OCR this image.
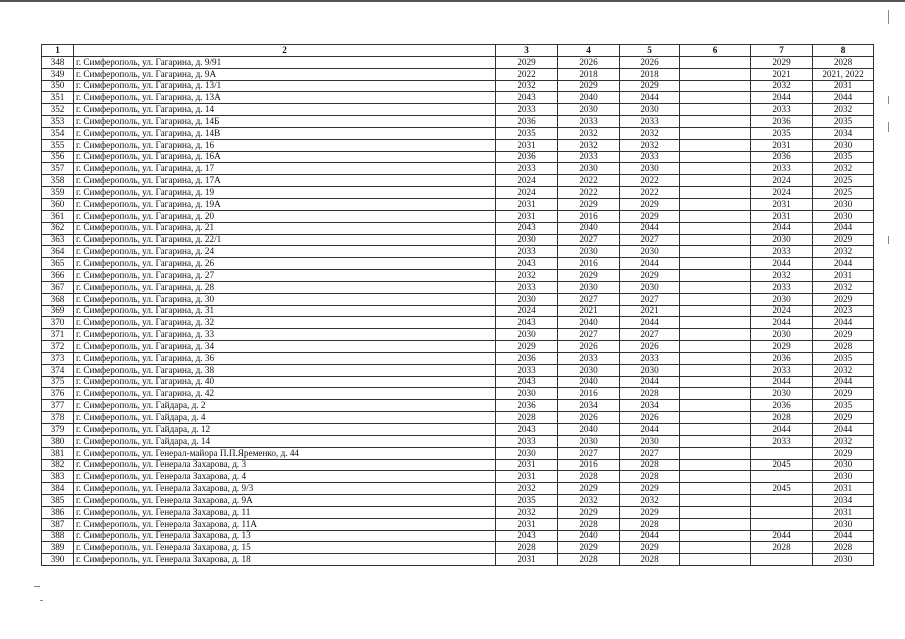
1	2	3	4	5	6	7	8
348	г. Симферополь, ул. Гагарина, д. 9/91	2029	2026	2026		2029	2028
349	г. Симферополь, ул. Гагарина, д. 9А	2022	2018	2018		2021	2021, 2022
350	г. Симферополь, ул. Гагарина, д. 13/1	2032	2029	2029		2032	2031
351	г. Симферополь, ул. Гагарина, д. 13А	2043	2040	2044		2044	2044
352	г. Симферополь, ул. Гагарина, д. 14	2033	2030	2030		2033	2032
353	г. Симферополь, ул. Гагарина, д. 14Б	2036	2033	2033		2036	2035
354	г. Симферополь, ул. Гагарина, д. 14В	2035	2032	2032		2035	2034
355	г. Симферополь, ул. Гагарина, д. 16	2031	2032	2032		2031	2030
356	г. Симферополь, ул. Гагарина, д. 16А	2036	2033	2033		2036	2035
357	г. Симферополь, ул. Гагарина, д. 17	2033	2030	2030		2033	2032
358	г. Симферополь, ул. Гагарина, д. 17А	2024	2022	2022		2024	2025
359	г. Симферополь, ул. Гагарина, д. 19	2024	2022	2022		2024	2025
360	г. Симферополь, ул. Гагарина, д. 19А	2031	2029	2029		2031	2030
361	г. Симферополь, ул. Гагарина, д. 20	2031	2016	2029		2031	2030
362	г. Симферополь, ул. Гагарина, д. 21	2043	2040	2044		2044	2044
363	г. Симферополь, ул. Гагарина, д. 22/1	2030	2027	2027		2030	2029
364	г. Симферополь, ул. Гагарина, д. 24	2033	2030	2030		2033	2032
365	г. Симферополь, ул. Гагарина, д. 26	2043	2016	2044		2044	2044
366	г. Симферополь, ул. Гагарина, д. 27	2032	2029	2029		2032	2031
367	г. Симферополь, ул. Гагарина, д. 28	2033	2030	2030		2033	2032
368	г. Симферополь, ул. Гагарина, д. 30	2030	2027	2027		2030	2029
369	г. Симферополь, ул. Гагарина, д. 31	2024	2021	2021		2024	2023
370	г. Симферополь, ул. Гагарина, д. 32	2043	2040	2044		2044	2044
371	г. Симферополь, ул. Гагарина, д. 33	2030	2027	2027		2030	2029
372	г. Симферополь, ул. Гагарина, д. 34	2029	2026	2026		2029	2028
373	г. Симферополь, ул. Гагарина, д. 36	2036	2033	2033		2036	2035
374	г. Симферополь, ул. Гагарина, д. 38	2033	2030	2030		2033	2032
375	г. Симферополь, ул. Гагарина, д. 40	2043	2040	2044		2044	2044
376	г. Симферополь, ул. Гагарина, д. 42	2030	2016	2028		2030	2029
377	г. Симферополь, ул. Гайдара, д. 2	2036	2034	2034		2036	2035
378	г. Симферополь, ул. Гайдара, д. 4	2028	2026	2026		2028	2029
379	г. Симферополь, ул. Гайдара, д. 12	2043	2040	2044		2044	2044
380	г. Симферополь, ул. Гайдара, д. 14	2033	2030	2030		2033	2032
381	г. Симферополь, ул. Генерал-майора П.П.Яременко, д. 44	2030	2027	2027			2029
382	г. Симферополь, ул. Генерала Захарова, д. 3	2031	2016	2028		2045	2030
383	г. Симферополь, ул. Генерала Захарова, д. 4	2031	2028	2028			2030
384	г. Симферополь, ул. Генерала Захарова, д. 9/3	2032	2029	2029		2045	2031
385	г. Симферополь, ул. Генерала Захарова, д. 9А	2035	2032	2032			2034
386	г. Симферополь, ул. Генерала Захарова, д. 11	2032	2029	2029			2031
387	г. Симферополь, ул. Генерала Захарова, д. 11А	2031	2028	2028			2030
388	г. Симферополь, ул. Генерала Захарова, д. 13	2043	2040	2044		2044	2044
389	г. Симферополь, ул. Генерала Захарова, д. 15	2028	2029	2029		2028	2028
390	г. Симферополь, ул. Генерала Захарова, д. 18	2031	2028	2028			2030
